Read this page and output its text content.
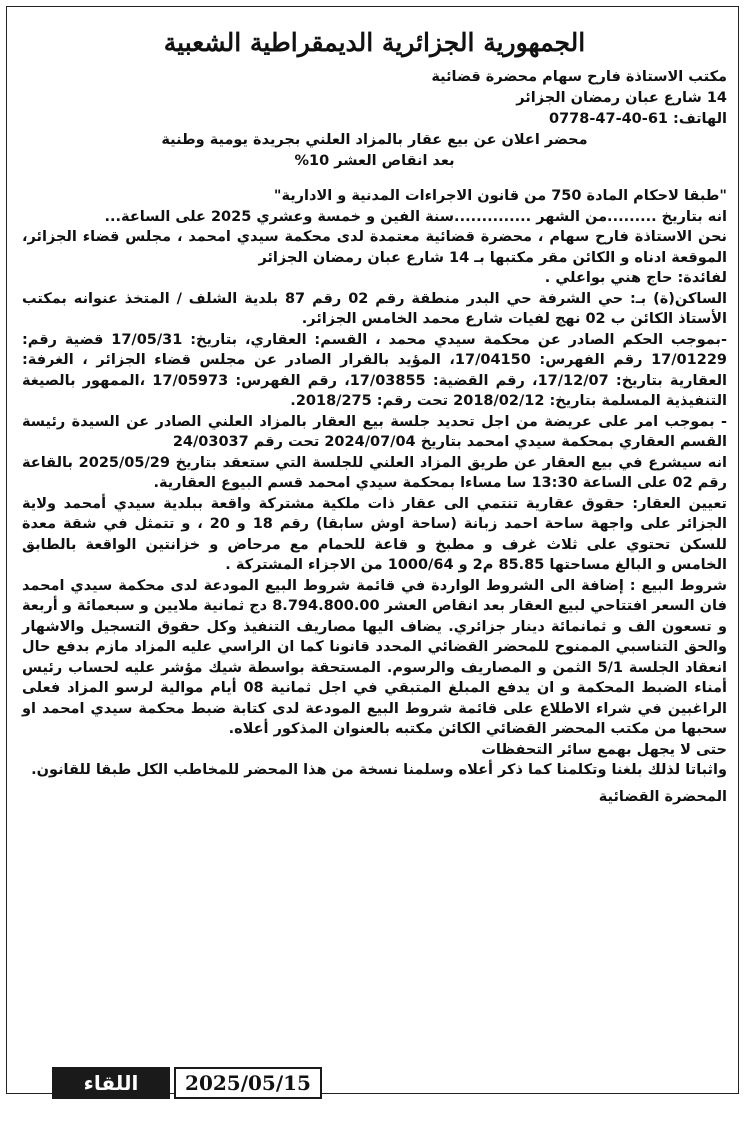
الجمهورية الجزائرية الديمقراطية الشعبية
مكتب الاستاذة فارح سهام محضرة قضائية
14 شارع عبان رمضان الجزائر
الهاتف: 61-40-47-0778
محضر اعلان عن بيع عقار بالمزاد العلني بجريدة يومية وطنية
بعد انقاص العشر 10%

"طبقا لاحكام المادة 750 من قانون الاجراءات المدنية و الادارية"

انه بتاريخ .........من الشهر ..............سنة الفين و خمسة وعشري 2025 على الساعة...

نحن الاستاذة فارح سهام ، محضرة قضائية معتمدة لدى محكمة سيدي امحمد ، مجلس قضاء الجزائر، الموقعة ادناه و الكائن مقر مكتبها بـ 14 شارع عبان رمضان الجزائر

لفائدة: حاج هني بواعلي .

الساكن(ة) بـ: حي الشرفة حي البدر منطقة رقم 02 رقم 87 بلدية الشلف / المتخذ عنوانه بمكتب الأستاذ الكائن ب 02 نهج لفيات شارع محمد الخامس الجزائر.

-بموجب الحكم الصادر عن محكمة سيدي محمد ، القسم: العقاري، بتاريخ: 17/05/31 قضية رقم: 17/01229 رقم الفهرس: 17/04150، المؤيد بالقرار الصادر عن مجلس قضاء الجزائر ، الغرفة: العقارية بتاريخ: 17/12/07، رقم القضية: 17/03855، رقم الفهرس: 17/05973 ،الممهور بالصيغة التنفيذية المسلمة بتاريخ: 2018/02/12 تحت رقم: 2018/275.

- بموجب امر على عريضة من اجل تحديد جلسة بيع العقار بالمزاد العلني الصادر عن السيدة رئيسة القسم العقاري بمحكمة سيدي امحمد بتاريخ 2024/07/04 تحت رقم 24/03037

انه سيشرع في بيع العقار عن طريق المزاد العلني للجلسة التي ستعقد بتاريخ 2025/05/29 بالقاعة رقم 02 على الساعة 13:30 سا مساءا بمحكمة سيدي امحمد قسم البيوع العقارية.

تعيين العقار: حقوق عقارية تنتمي الى عقار ذات ملكية مشتركة واقعة ببلدية سيدي أمحمد ولاية الجزائر على واجهة ساحة احمد زبانة (ساحة اوش سابقا) رقم 18 و 20 ، و تتمثل في شقة معدة للسكن تحتوي على ثلاث غرف و مطبخ و قاعة للحمام مع مرحاض و خزانتين الواقعة بالطابق الخامس و البالغ مساحتها 85.85 م2 و 1000/64 من الاجزاء المشتركة .

شروط البيع : إضافة الى الشروط الواردة في قائمة شروط البيع المودعة لدى محكمة سيدي امحمد فان السعر افتتاحي لبيع العقار بعد انقاص العشر 8.794.800.00 دج ثمانية ملايين و سبعمائة و أربعة و تسعون الف و ثمانمائة دينار جزائري. يضاف اليها مصاريف التنفيذ وكل حقوق التسجيل والاشهار والحق التناسبي الممنوح للمحضر القضائي المحدد قانونا كما ان الراسي عليه المزاد مازم بدفع حال انعقاد الجلسة 5/1 الثمن و المصاريف والرسوم. المستحقة بواسطة شيك مؤشر عليه لحساب رئيس أمناء الضبط المحكمة و ان يدفع المبلغ المتبقي في اجل ثمانية 08 أيام موالية لرسو المزاد فعلى الراغبين في شراء الاطلاع على قائمة شروط البيع المودعة لدى كتابة ضبط محكمة سيدي امحمد او سحبها من مكتب المحضر القضائي الكائن مكتبه بالعنوان المذكور أعلاه.

حتى لا يجهل بهمع سائر التحفظات

واثباتا لذلك بلغنا وتكلمنا كما ذكر أعلاه وسلمنا نسخة من هذا المحضر للمخاطب الكل طبقا للقانون.

المحضرة القضائية
اللقاء	2025/05/15
